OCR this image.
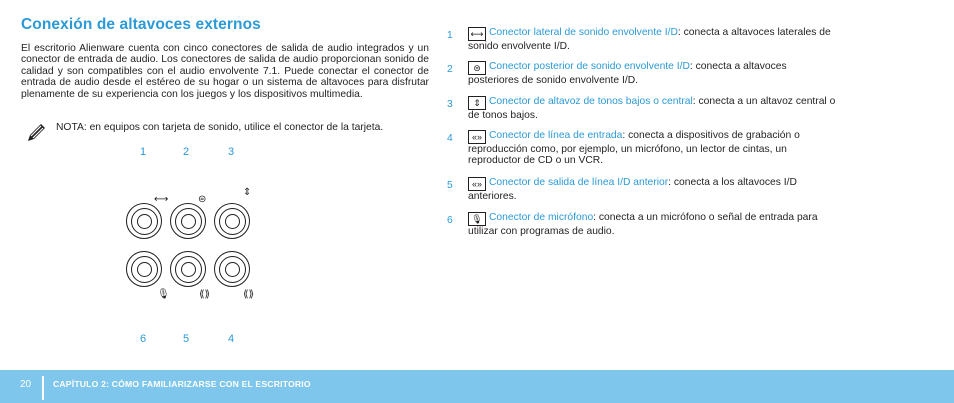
Conexión de altavoces externos

El escritorio Alienware cuenta con cinco conectores de salida de audio integrados y un conector de entrada de audio. Los conectores de salida de audio proporcionan sonido de calidad y son compatibles con el audio envolvente 7.1. Puede conectar el conector de entrada de audio desde el estéreo de su hogar o un sistema de altavoces para disfrutar plenamente de su experiencia con los juegos y los dispositivos multimedia.

NOTA: en equipos con tarjeta de sonido, utilice el conector de la tarjeta.

1	2	3
⟷	⊜
⇕
🎙	⟪⟫	⟪⟫
6	5	4
1 ⟷ Conector lateral de sonido envolvente I/D: conecta a altavoces laterales de sonido envolvente I/D.

2	⊜ Conector posterior de sonido envolvente I/D: conecta a altavoces posteriores de sonido envolvente I/D.

3	⇕ Conector de altavoz de tonos bajos o central: conecta a un altavoz central o de tonos bajos.

4	«» Conector de línea de entrada: conecta a dispositivos de grabación o reproducción como, por ejemplo, un micrófono, un lector de cintas, un reproductor de CD o un VCR.

5	«» Conector de salida de línea I/D anterior: conecta a los altavoces I/D anteriores.

6	🎙 Conector de micrófono: conecta a un micrófono o señal de entrada para utilizar con programas de audio.

20	CAPÍTULO 2: CÓMO FAMILIARIZARSE CON EL ESCRITORIO
